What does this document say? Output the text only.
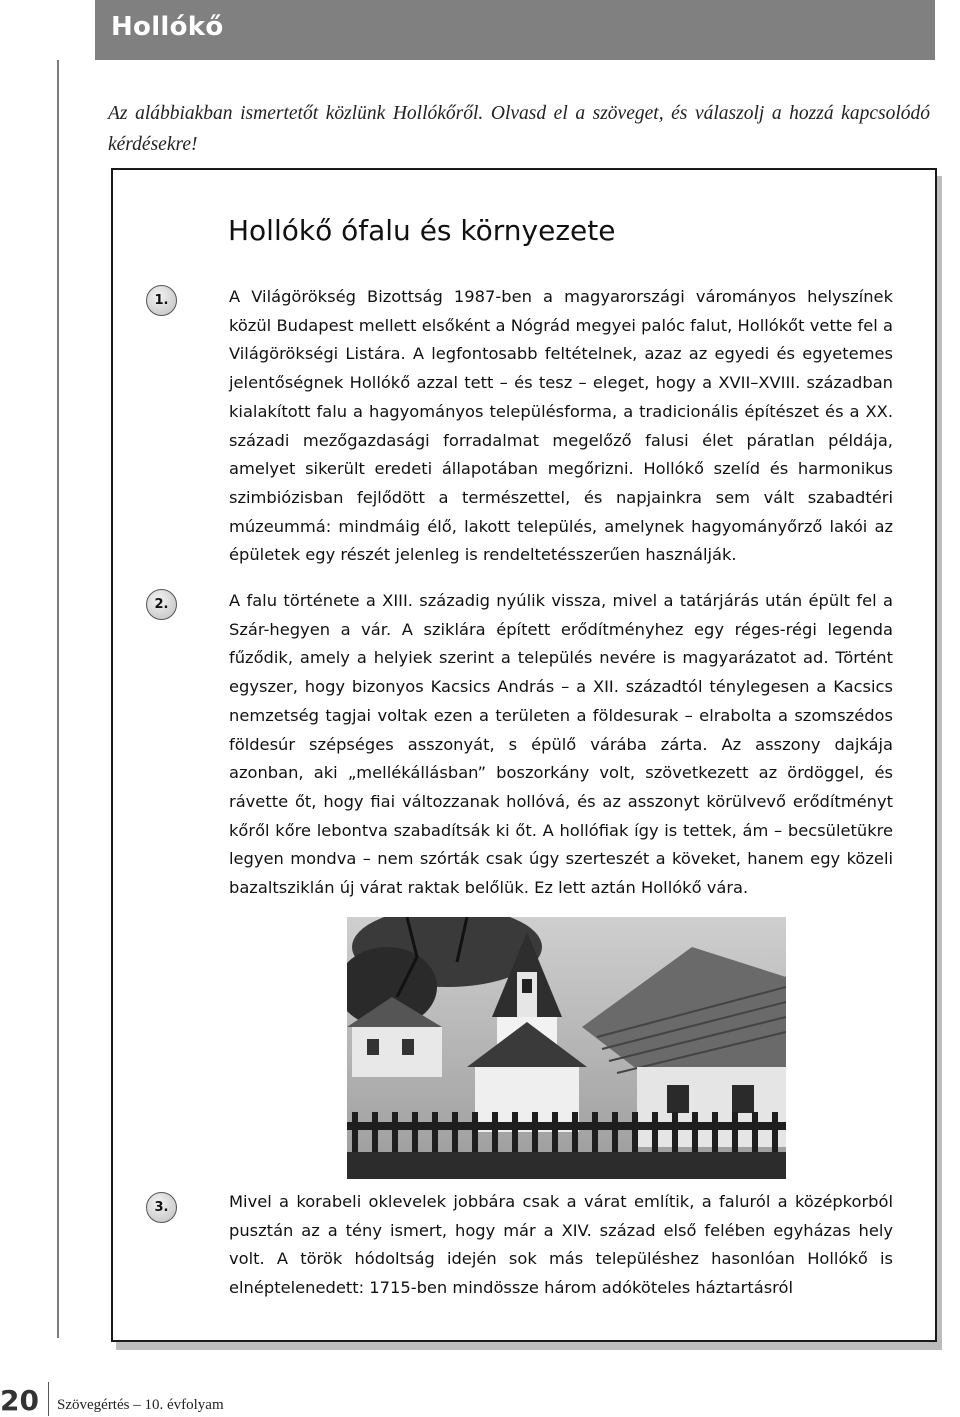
Hollókő
Az alábbiakban ismertetőt közlünk Hollókőről. Olvasd el a szöveget, és válaszolj a hozzá kapcsolódó kérdésekre!
Hollókő ófalu és környezete
1.	A Világörökség Bizottság 1987-ben a magyarországi várományos helyszínek közül Budapest mellett elsőként a Nógrád megyei palóc falut, Hollókőt vette fel a Világörökségi Listára. A legfontosabb feltételnek, azaz az egyedi és egyetemes jelentőségnek Hollókő azzal tett – és tesz – eleget, hogy a XVII–XVIII. században kialakított falu a hagyományos településforma, a tradicionális építészet és a XX. századi mezőgazdasági forradalmat megelőző falusi élet páratlan példája, amelyet sikerült eredeti állapotában megőrizni. Hollókő szelíd és harmonikus szimbiózisban fejlődött a természettel, és napjainkra sem vált szabadtéri múzeummá: mindmáig élő, lakott település, amelynek hagyományőrző lakói az épületek egy részét jelenleg is rendeltetésszerűen használják.

2.	A falu története a XIII. századig nyúlik vissza, mivel a tatárjárás után épült fel a Szár-hegyen a vár. A sziklára épített erődítményhez egy réges-régi legenda fűződik, amely a helyiek szerint a település nevére is magyarázatot ad. Történt egyszer, hogy bizonyos Kacsics András – a XII. századtól ténylegesen a Kacsics nemzetség tagjai voltak ezen a területen a földesurak – elrabolta a szomszédos földesúr szépséges asszonyát, s épülő várába zárta. Az asszony dajkája azonban, aki „mellékállásban” boszorkány volt, szövetkezett az ördöggel, és rávette őt, hogy fiai változzanak hollóvá, és az asszonyt körülvevő erődítményt kőről kőre lebontva szabadítsák ki őt. A hollófiak így is tettek, ám – becsületükre legyen mondva – nem szórták csak úgy szerteszét a köveket, hanem egy közeli bazaltsziklán új várat raktak belőlük. Ez lett aztán Hollókő vára.

3.	Mivel a korabeli oklevelek jobbára csak a várat említik, a faluról a középkorból pusztán az a tény ismert, hogy már a XIV. század első felében egyházas hely volt. A török hódoltság idején sok más településhez hasonlóan Hollókő is elnéptelenedett: 1715-ben mindössze három adóköteles háztartásról

20 Szövegértés – 10. évfolyam
